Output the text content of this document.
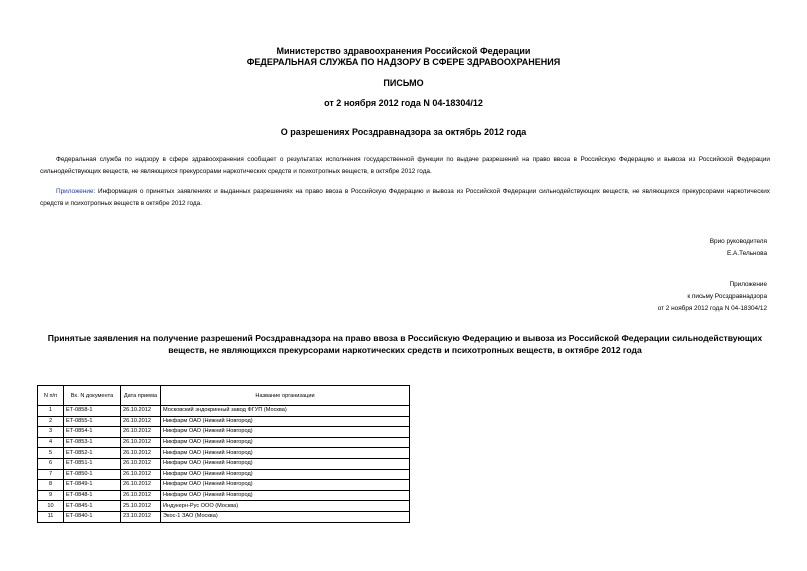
Министерство здравоохранения Российской Федерации
ФЕДЕРАЛЬНАЯ СЛУЖБА ПО НАДЗОРУ В СФЕРЕ ЗДРАВООХРАНЕНИЯ
ПИСЬМО
от 2 ноября 2012 года N 04-18304/12
О разрешениях Росздравнадзора за октябрь 2012 года
Федеральная служба по надзору в сфере здравоохранения сообщает о результатах исполнения государственной функции по выдаче разрешений на право ввоза в Российскую Федерацию и вывоза из Российской Федерации сильнодействующих веществ, не являющихся прекурсорами наркотических средств и психотропных веществ, в октябре 2012 года.
Приложение: Информация о принятых заявлениях и выданных разрешениях на право ввоза в Российскую Федерацию и вывоза из Российской Федерации сильнодействующих веществ, не являющихся прекурсорами наркотических средств и психотропных веществ в октябре 2012 года.
Врио руководителя
Е.А.Тельнова
Приложение
к письму Росздравнадзора
от 2 ноября 2012 года N 04-18304/12
Принятые заявления на получение разрешений Росздравнадзора на право ввоза в Российскую Федерацию и вывоза из Российской Федерации сильнодействующих веществ, не являющихся прекурсорами наркотических средств и психотропных веществ, в октябре 2012 года
N п/п	Вх. N документа	Дата приема	Название организации
1	ЕТ-0858-1	26.10.2012	Московский эндокринный завод ФГУП (Москва)
2	ЕТ-0855-1	26.10.2012	Никфарм ОАО (Нижний Новгород)
3	ЕТ-0854-1	26.10.2012	Никфарм ОАО (Нижний Новгород)
4	ЕТ-0853-1	26.10.2012	Никфарм ОАО (Нижний Новгород)
5	ЕТ-0852-1	26.10.2012	Никфарм ОАО (Нижний Новгород)
6	ЕТ-0851-1	26.10.2012	Никфарм ОАО (Нижний Новгород)
7	ЕТ-0850-1	26.10.2012	Никфарм ОАО (Нижний Новгород)
8	ЕТ-0849-1	26.10.2012	Никфарм ОАО (Нижний Новгород)
9	ЕТ-0848-1	26.10.2012	Никфарм ОАО (Нижний Новгород)
10	ЕТ-0845-1	25.10.2012	Индукерн-Рус ООО (Москва)
11	ЕТ-0840-1	23.10.2012	Экос-1 ЗАО (Москва)
